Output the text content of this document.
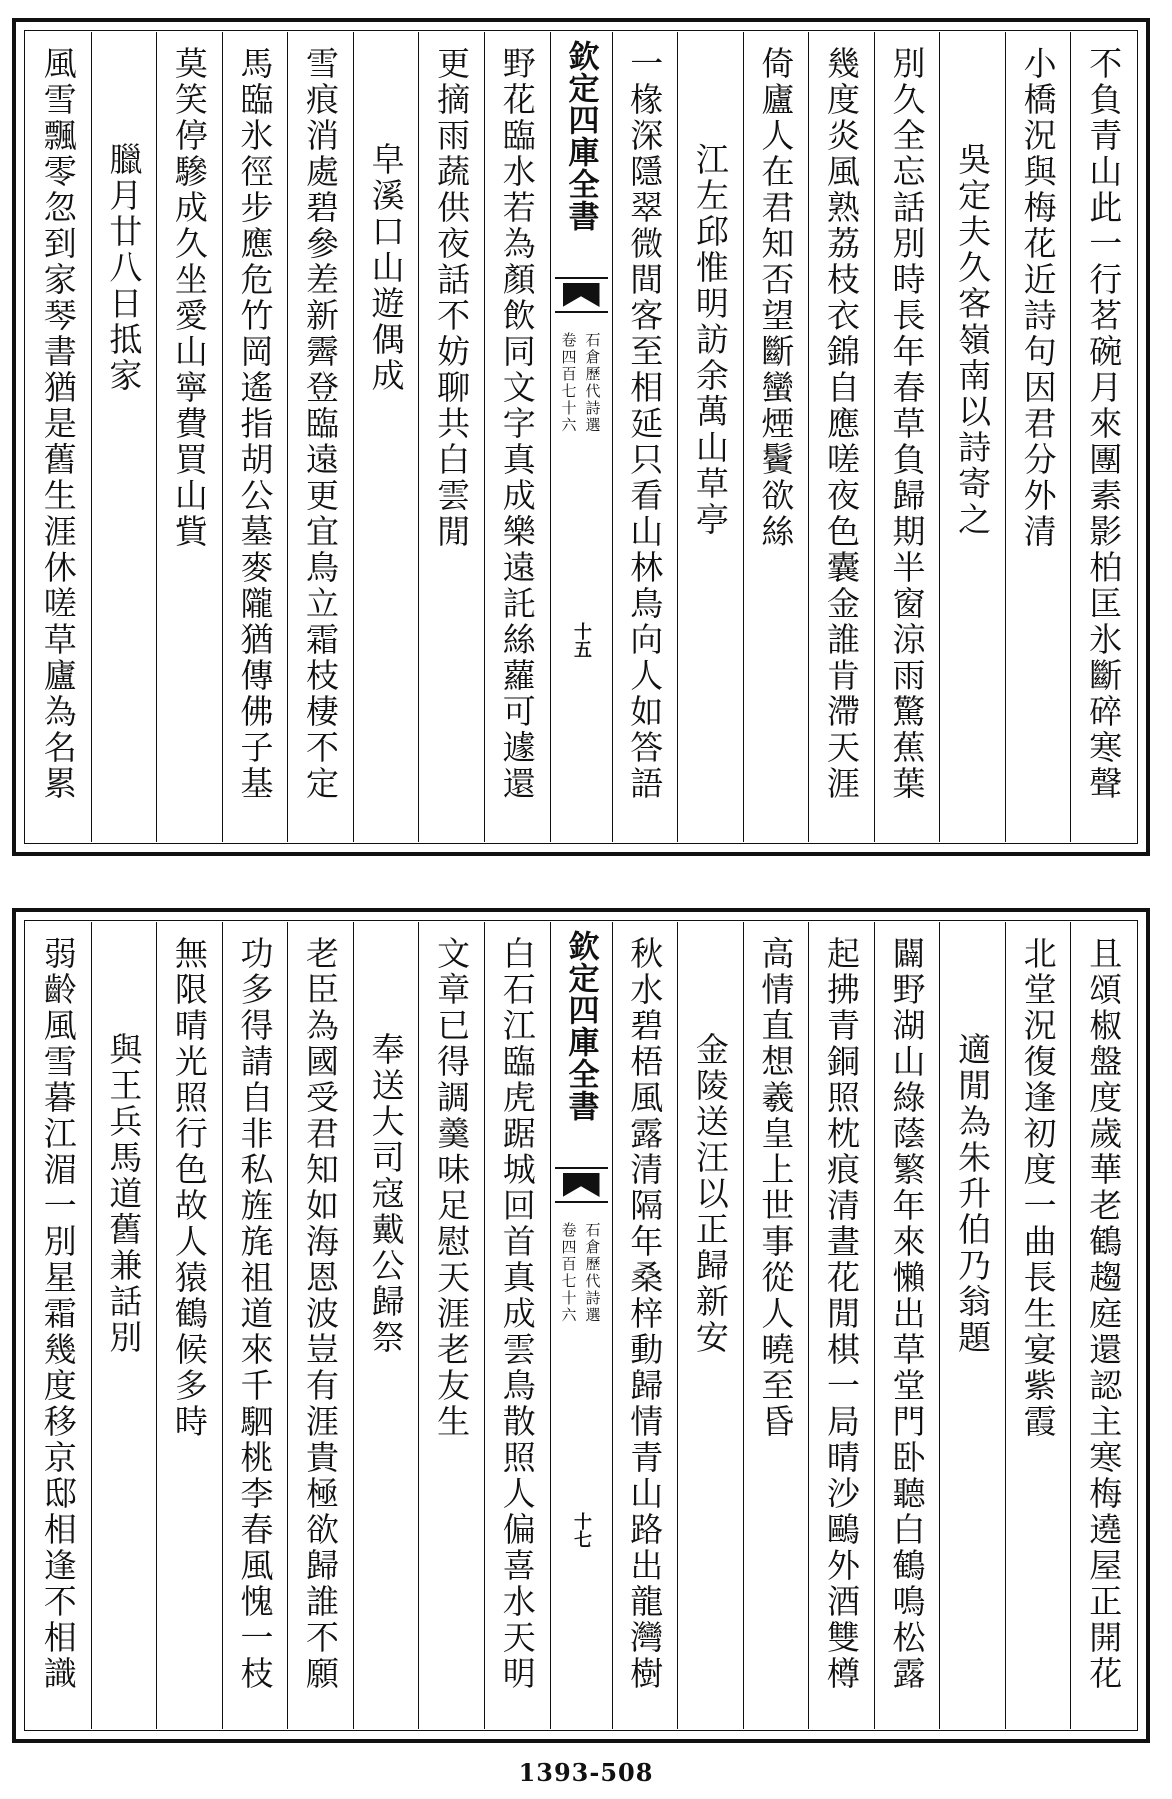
不負青山此一行茗碗月來團素影柏匡氷斷碎寒聲
小橋況與梅花近詩句因君分外清
吳定夫久客嶺南以詩寄之
別久全忘話別時長年春草負歸期半窗涼雨驚蕉葉
幾度炎風熟荔枝衣錦自應嗟夜色囊金誰肯滯天涯
倚廬人在君知否望斷蠻煙鬢欲絲
江左邱惟明訪余萬山草亭
一椽深隱翠微間客至相延只看山林鳥向人如答語
欽定四庫全書
石倉歷代詩選
卷四百七十六
十五
野花臨水若為顏飲同文字真成樂遠託絲蘿可遽還
更摘雨蔬供夜話不妨聊共白雲閒
皁溪口山遊偶成
雪痕消處碧參差新霽登臨遠更宜鳥立霜枝棲不定
馬臨氷徑步應危竹岡遙指胡公墓麥隴猶傳佛子基
莫笑停驂成久坐愛山寧費買山貲
臘月廿八日抵家
風雪飄零忽到家琴書猶是舊生涯休嗟草廬為名累
且頌椒盤度歲華老鶴趨庭還認主寒梅遶屋正開花
北堂況復逢初度一曲長生宴紫霞
適閒為朱升伯乃翁題
闢野湖山綠蔭繁年來懶出草堂門卧聽白鶴鳴松露
起拂青銅照枕痕清晝花閒棋一局晴沙鷗外酒雙樽
高情直想羲皇上世事從人曉至昏
金陵送汪以正歸新安
秋水碧梧風露清隔年桑梓動歸情青山路出龍灣樹
欽定四庫全書
石倉歷代詩選
卷四百七十六
十七
白石江臨虎踞城回首真成雲鳥散照人偏喜水天明
文章已得調羹味足慰天涯老友生
奉送大司寇戴公歸祭
老臣為國受君知如海恩波豈有涯貴極欲歸誰不願
功多得請自非私旌旄祖道來千駟桃李春風愧一枝
無限晴光照行色故人猿鶴候多時
與王兵馬道舊兼話別
弱齡風雪暮江湄一別星霜幾度移京邸相逢不相識
1393-508
